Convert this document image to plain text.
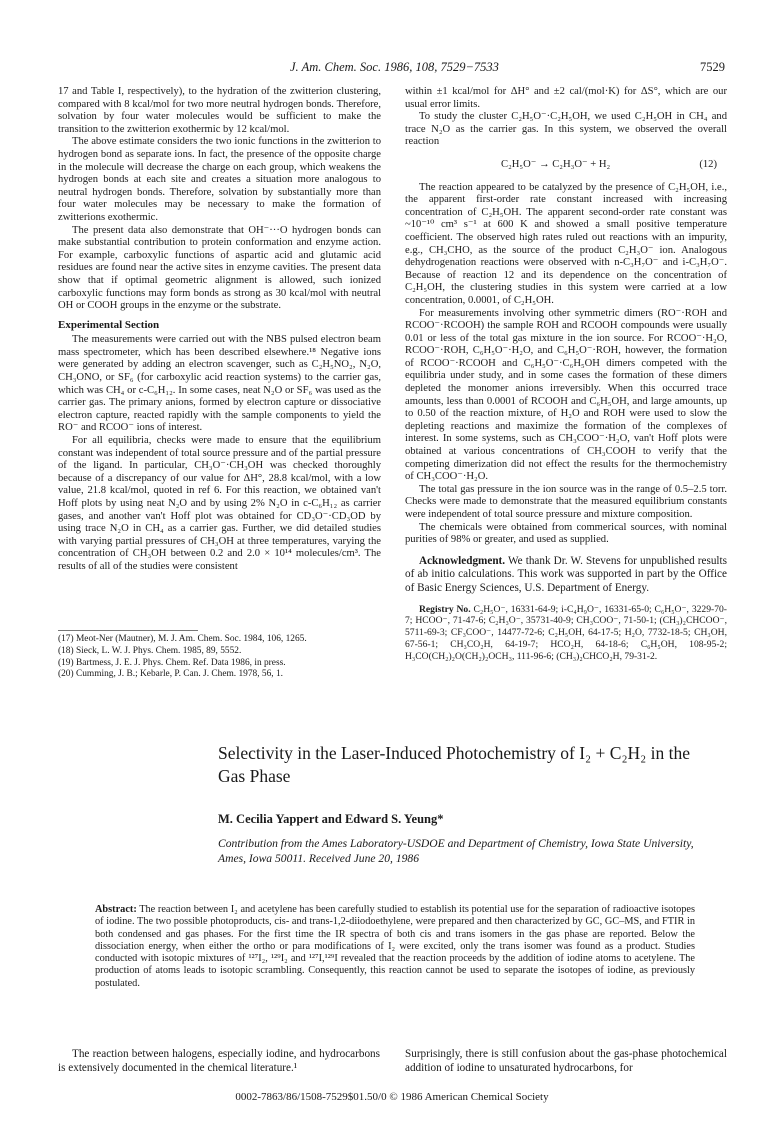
J. Am. Chem. Soc. 1986, 108, 7529−7533	7529

17 and Table I, respectively), to the hydration of the zwitterion clustering, compared with 8 kcal/mol for two more neutral hydrogen bonds. Therefore, solvation by four water molecules would be sufficient to make the transition to the zwitterion exothermic by 12 kcal/mol.

The above estimate considers the two ionic functions in the zwitterion to hydrogen bond as separate ions. In fact, the presence of the opposite charge in the molecule will decrease the charge on each group, which weakens the hydrogen bonds at each site and creates a situation more analogous to neutral hydrogen bonds. Therefore, solvation by substantially more than four water molecules may be necessary to make the formation of zwitterions exothermic.

The present data also demonstrate that OH⁻···O hydrogen bonds can make substantial contribution to protein conformation and enzyme action. For example, carboxylic functions of aspartic acid and glutamic acid residues are found near the active sites in enzyme cavities. The present data show that if optimal geometric alignment is allowed, such ionized carboxylic functions may form bonds as strong as 30 kcal/mol with neutral OH or COOH groups in the enzyme or the substrate.

Experimental Section

The measurements were carried out with the NBS pulsed electron beam mass spectrometer, which has been described elsewhere.¹⁸ Negative ions were generated by adding an electron scavenger, such as C₂H₅NO₂, N₂O, CH₃ONO, or SF₆ (for carboxylic acid reaction systems) to the carrier gas, which was CH₄ or c-C₆H₁₂. In some cases, neat N₂O or SF₆ was used as the carrier gas. The primary anions, formed by electron capture or dissociative electron capture, reacted rapidly with the sample components to yield the RO⁻ and RCOO⁻ ions of interest.

For all equilibria, checks were made to ensure that the equilibrium constant was independent of total source pressure and of the partial pressure of the ligand. In particular, CH₃O⁻·CH₃OH was checked thoroughly because of a discrepancy of our value for ΔH°, 28.8 kcal/mol, with a low value, 21.8 kcal/mol, quoted in ref 6. For this reaction, we obtained van't Hoff plots by using neat N₂O and by using 2% N₂O in c-C₆H₁₂ as carrier gases, and another van't Hoff plot was obtained for CD₃O⁻·CD₃OD by using trace N₂O in CH₄ as a carrier gas. Further, we did detailed studies with varying partial pressures of CH₃OH at three temperatures, varying the concentration of CH₃OH between 0.2 and 2.0 × 10¹⁴ molecules/cm³. The results of all of the studies were consistent

(17) Meot-Ner (Mautner), M. J. Am. Chem. Soc. 1984, 106, 1265.
(18) Sieck, L. W. J. Phys. Chem. 1985, 89, 5552.
(19) Bartmess, J. E. J. Phys. Chem. Ref. Data 1986, in press.
(20) Cumming, J. B.; Kebarle, P. Can. J. Chem. 1978, 56, 1.

within ±1 kcal/mol for ΔH° and ±2 cal/(mol·K) for ΔS°, which are our usual error limits.

To study the cluster C₂H₅O⁻·C₂H₅OH, we used C₂H₅OH in CH₄ and trace N₂O as the carrier gas. In this system, we observed the overall reaction

C₂H₅O⁻ → C₂H₃O⁻ + H₂	(12)

The reaction appeared to be catalyzed by the presence of C₂H₅OH, i.e., the apparent first-order rate constant increased with increasing concentration of C₂H₅OH. The apparent second-order rate constant was ~10⁻¹⁰ cm³ s⁻¹ at 600 K and showed a small positive temperature coefficient. The observed high rates ruled out reactions with an impurity, e.g., CH₃CHO, as the source of the product C₂H₃O⁻ ion. Analogous dehydrogenation reactions were observed with n-C₃H₇O⁻ and i-C₃H₇O⁻. Because of reaction 12 and its dependence on the concentration of C₂H₅OH, the clustering studies in this system were carried at a low concentration, 0.0001, of C₂H₅OH.

For measurements involving other symmetric dimers (RO⁻·ROH and RCOO⁻·RCOOH) the sample ROH and RCOOH compounds were usually 0.01 or less of the total gas mixture in the ion source. For RCOO⁻·H₂O, RCOO⁻·ROH, C₆H₅O⁻·H₂O, and C₆H₅O⁻·ROH, however, the formation of RCOO⁻·RCOOH and C₆H₅O⁻·C₆H₅OH dimers competed with the equilibria under study, and in some cases the formation of these dimers depleted the monomer anions irreversibly. When this occurred trace amounts, less than 0.0001 of RCOOH and C₆H₅OH, and large amounts, up to 0.50 of the reaction mixture, of H₂O and ROH were used to slow the depleting reactions and maximize the formation of the complexes of interest. In some systems, such as CH₃COO⁻·H₂O, van't Hoff plots were obtained at various concentrations of CH₃COOH to verify that the competing dimerization did not effect the results for the thermochemistry of CH₃COO⁻·H₂O.

The total gas pressure in the ion source was in the range of 0.5–2.5 torr. Checks were made to demonstrate that the measured equilibrium constants were independent of total source pressure and mixture composition.

The chemicals were obtained from commerical sources, with nominal purities of 98% or greater, and used as supplied.

Acknowledgment. We thank Dr. W. Stevens for unpublished results of ab initio calculations. This work was supported in part by the Office of Basic Energy Sciences, U.S. Department of Energy.
Registry No. C₂H₅O⁻, 16331-64-9; i-C₄H₉O⁻, 16331-65-0; C₆H₅O⁻, 3229-70-7; HCOO⁻, 71-47-6; C₂H₃O⁻, 35731-40-9; CH₃COO⁻, 71-50-1; (CH₃)₂CHCOO⁻, 5711-69-3; CF₃COO⁻, 14477-72-6; C₂H₅OH, 64-17-5; H₂O, 7732-18-5; CH₃OH, 67-56-1; CH₃CO₂H, 64-19-7; HCO₂H, 64-18-6; C₆H₅OH, 108-95-2; H₃CO(CH₂)₂O(CH₂)₂OCH₃, 111-96-6; (CH₃)₂CHCO₂H, 79-31-2.
Selectivity in the Laser-Induced Photochemistry of I₂ + C₂H₂ in the Gas Phase
M. Cecilia Yappert and Edward S. Yeung*
Contribution from the Ames Laboratory-USDOE and Department of Chemistry, Iowa State University, Ames, Iowa 50011. Received June 20, 1986
Abstract: The reaction between I₂ and acetylene has been carefully studied to establish its potential use for the separation of radioactive isotopes of iodine. The two possible photoproducts, cis- and trans-1,2-diiodoethylene, were prepared and then characterized by GC, GC–MS, and FTIR in both condensed and gas phases. For the first time the IR spectra of both cis and trans isomers in the gas phase are reported. Below the dissociation energy, when either the ortho or para modifications of I₂ were excited, only the trans isomer was found as a product. Studies conducted with isotopic mixtures of ¹²⁷I₂, ¹²⁹I₂ and ¹²⁷I,¹²⁹I revealed that the reaction proceeds by the addition of iodine atoms to acetylene. The production of atoms leads to isotopic scrambling. Consequently, this reaction cannot be used to separate the isotopes of iodine, as previously postulated.
The reaction between halogens, especially iodine, and hydrocarbons is extensively documented in the chemical literature.¹
Surprisingly, there is still confusion about the gas-phase photochemical addition of iodine to unsaturated hydrocarbons, for
0002-7863/86/1508-7529$01.50/0 © 1986 American Chemical Society
